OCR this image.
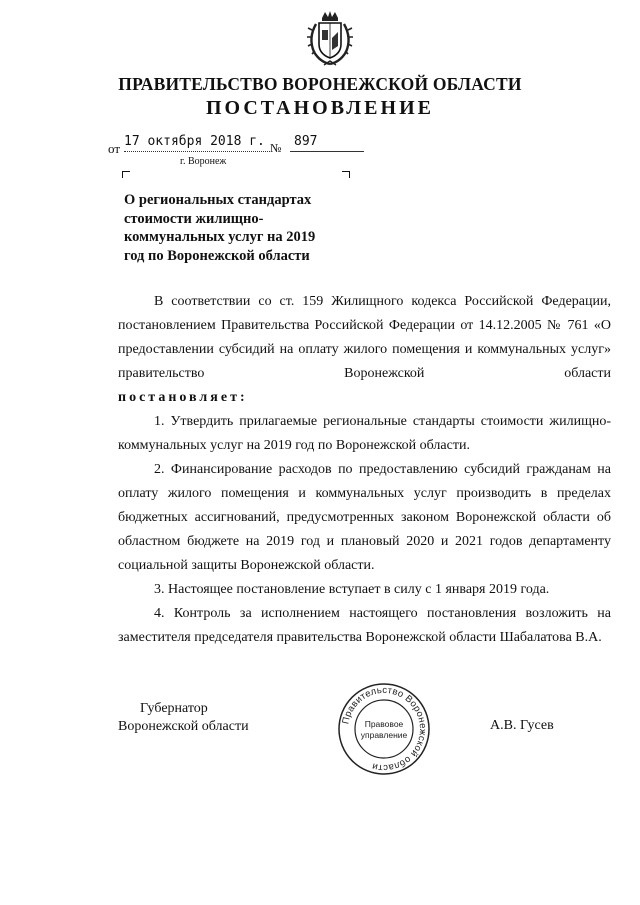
ПРАВИТЕЛЬСТВО ВОРОНЕЖСКОЙ ОБЛАСТИ
ПОСТАНОВЛЕНИЕ
от 17 октября 2018 г. № 897
г. Воронеж
О региональных стандартах стоимости жилищно-коммунальных услуг на 2019 год по Воронежской области

В соответствии со ст. 159 Жилищного кодекса Российской Федерации, постановлением Правительства Российской Федерации от 14.12.2005 № 761 «О предоставлении субсидий на оплату жилого помещения и коммунальных услуг» правительство Воронежской области

постановляет:

1. Утвердить прилагаемые региональные стандарты стоимости жилищно-коммунальных услуг на 2019 год по Воронежской области.

2. Финансирование расходов по предоставлению субсидий гражданам на оплату жилого помещения и коммунальных услуг производить в пределах бюджетных ассигнований, предусмотренных законом Воронежской области об областном бюджете на 2019 год и плановый 2020 и 2021 годов департаменту социальной защиты Воронежской области.

3. Настоящее постановление вступает в силу с 1 января 2019 года.

4. Контроль за исполнением настоящего постановления возложить на заместителя председателя правительства Воронежской области Шабалатова В.А.

Губернатор
Воронежской области	Правительство Воронежской области
Правовое
управление
А.В. Гусев
